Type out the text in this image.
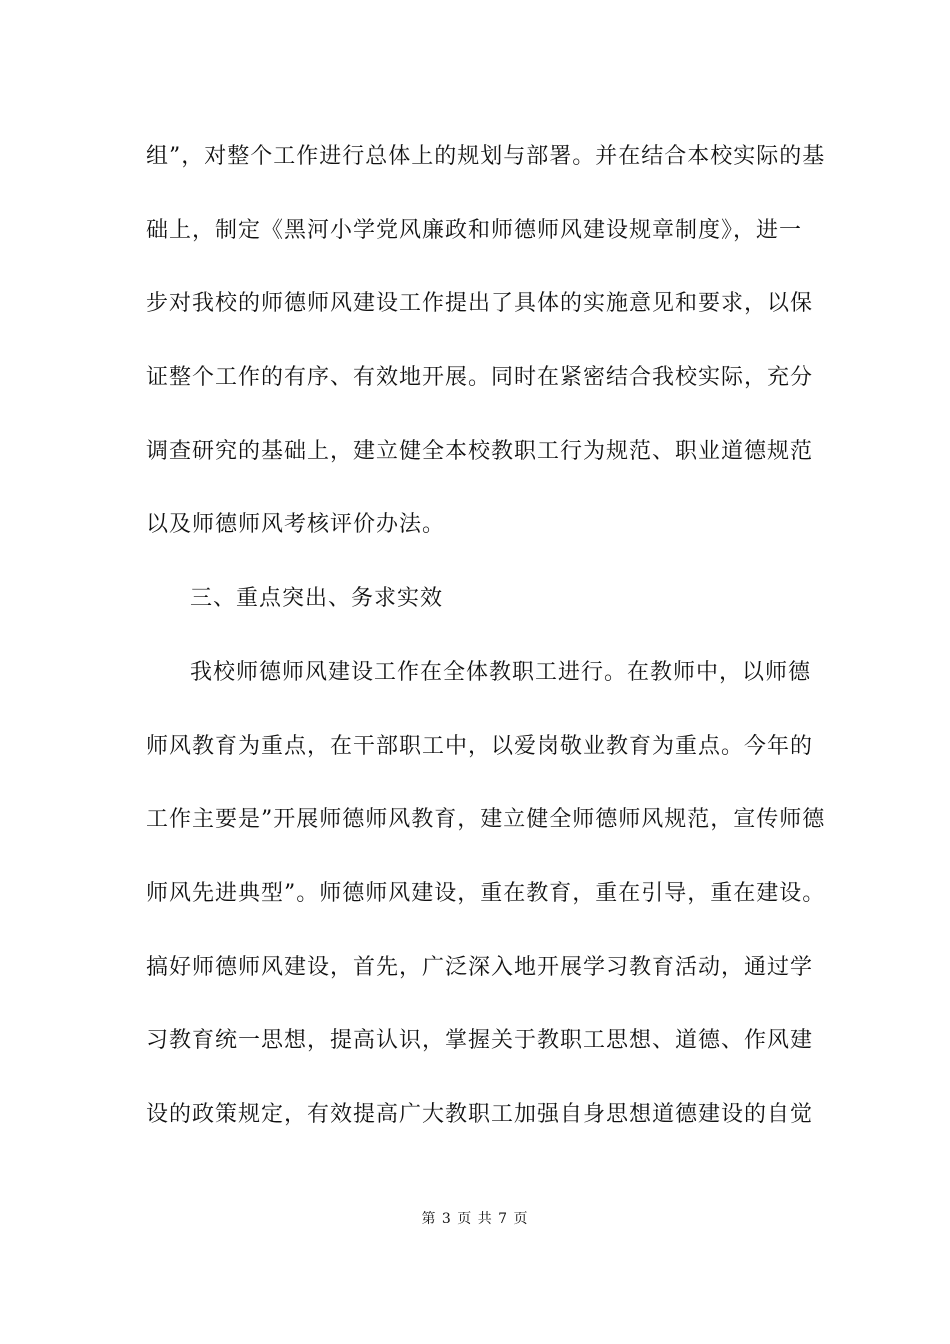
组”，对整个工作进行总体上的规划与部署。并在结合本校实际的基
础上，制定《黑河小学党风廉政和师德师风建设规章制度》，进一
步对我校的师德师风建设工作提出了具体的实施意见和要求，以保
证整个工作的有序、有效地开展。同时在紧密结合我校实际，充分
调查研究的基础上，建立健全本校教职工行为规范、职业道德规范
以及师德师风考核评价办法。
三、重点突出、务求实效
我校师德师风建设工作在全体教职工进行。在教师中，以师德
师风教育为重点，在干部职工中，以爱岗敬业教育为重点。今年的
工作主要是”开展师德师风教育，建立健全师德师风规范，宣传师德
师风先进典型”。师德师风建设，重在教育，重在引导，重在建设。
搞好师德师风建设，首先，广泛深入地开展学习教育活动，通过学
习教育统一思想，提高认识，掌握关于教职工思想、道德、作风建
设的政策规定，有效提高广大教职工加强自身思想道德建设的自觉
第 3 页 共 7 页
